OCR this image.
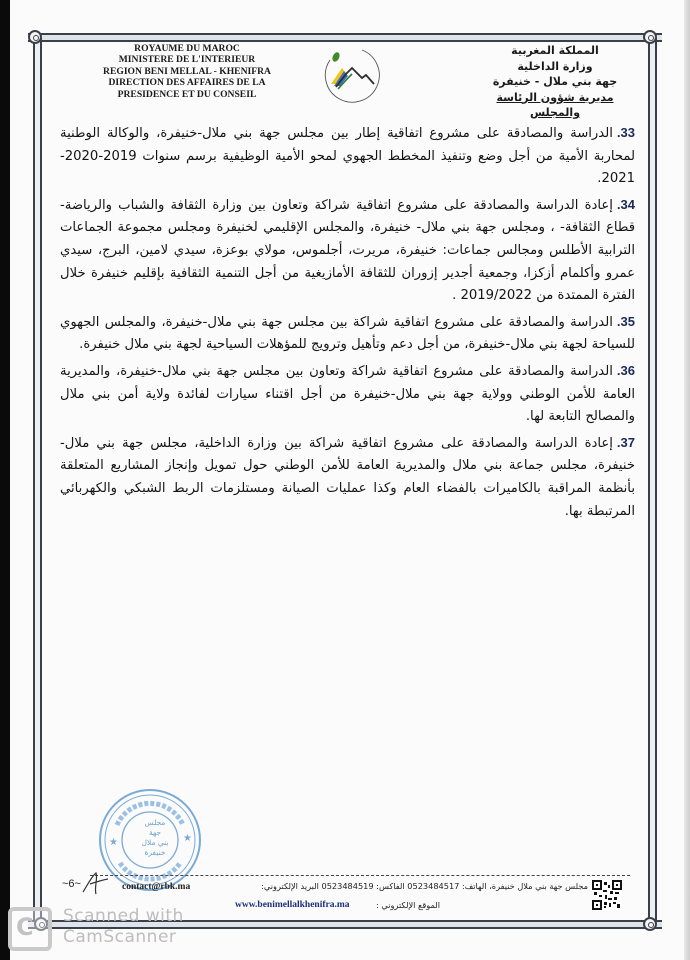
ROYAUME DU MAROC
MINISTERE DE L'INTERIEUR
REGION BENI MELLAL - KHENIFRA
DIRECTION DES AFFAIRES DE LA
PRESIDENCE ET DU CONSEIL
المملكة المغربية
وزارة الداخلية
جهة بني ملال - خنيفرة
مديرية شؤون الرئاسة والمجلس
33.الدراسة والمصادقة على مشروع اتفاقية إطار بين مجلس جهة بني ملال-خنيفرة، والوكالة الوطنية لمحاربة الأمية من أجل وضع وتنفيذ المخطط الجهوي لمحو الأمية الوظيفية برسم سنوات 2019-2020-2021.
34.إعادة الدراسة والمصادقة على مشروع اتفاقية شراكة وتعاون بين وزارة الثقافة والشباب والرياضة-قطاع الثقافة- ، ومجلس جهة بني ملال- خنيفرة، والمجلس الإقليمي لخنيفرة ومجلس مجموعة الجماعات الترابية الأطلس ومجالس جماعات: خنيفرة، مريرت، أجلموس، مولاي بوعزة، سيدي لامين، البرج، سيدي عمرو وأكلمام أزكزا، وجمعية أجدير إزوران للثقافة الأمازيغية من أجل التنمية الثقافية بإقليم خنيفرة خلال الفترة الممتدة من 2019/2022 .
35.الدراسة والمصادقة على مشروع اتفاقية شراكة بين مجلس جهة بني ملال-خنيفرة، والمجلس الجهوي للسياحة لجهة بني ملال-خنيفرة، من أجل دعم وتأهيل وترويج للمؤهلات السياحية لجهة بني ملال خنيفرة.
36.الدراسة والمصادقة على مشروع اتفاقية شراكة وتعاون بين مجلس جهة بني ملال-خنيفرة، والمديرية العامة للأمن الوطني وولاية جهة بني ملال-خنيفرة من أجل اقتناء سيارات لفائدة ولاية أمن بني ملال والمصالح التابعة لها.
37.إعادة الدراسة والمصادقة على مشروع اتفاقية شراكة بين وزارة الداخلية، مجلس جهة بني ملال-خنيفرة، مجلس جماعة بني ملال والمديرية العامة للأمن الوطني حول تمويل وإنجاز المشاريع المتعلقة بأنظمة المراقبة بالكاميرات بالفضاء العام وكذا عمليات الصيانة ومستلزمات الربط الشبكي والكهربائي المرتبطة بها.
★	★
مجلس
جهة
بني ملال
خنيفرة
~6~	contact@rbk.ma	مجلس جهة بني ملال خنيفرة، الهاتف: 0523484517 الفاكس: 0523484519 البريد الإلكتروني:
www.benimellalkhenifra.ma	الموقع الإلكتروني :
C Scanned with
CamScanner
